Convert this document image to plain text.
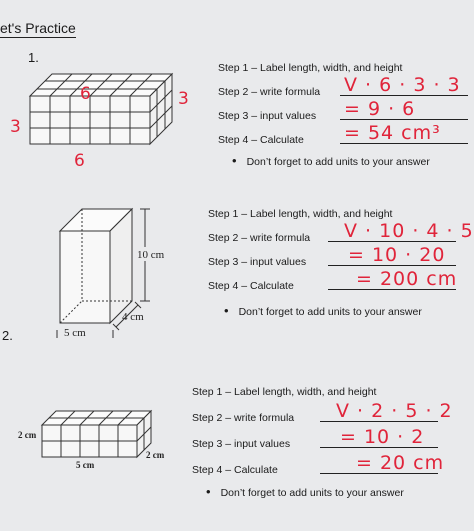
et's Practice
1.
6	3
3
6
10 cm
4 cm
5 cm
2 cm
2 cm
5 cm
Step 1 – Label length, width, and height
Step 2 – write formula V · 6 · 3 · 3
Step 3 – input values = 9 · 6
Step 4 – Calculate = 54 cm³
• Don’t forget to add units to your answer
2.
Step 1 – Label length, width, and height
Step 2 – write formula V · 10 · 4 · 5
Step 3 – input values = 10 · 20
Step 4 – Calculate	= 200 cm
• Don’t forget to add units to your answer
Step 1 – Label length, width, and height
Step 2 – write formula V · 2 · 5 · 2
Step 3 – input values	= 10 · 2
Step 4 – Calculate	= 20 cm
• Don’t forget to add units to your answer
